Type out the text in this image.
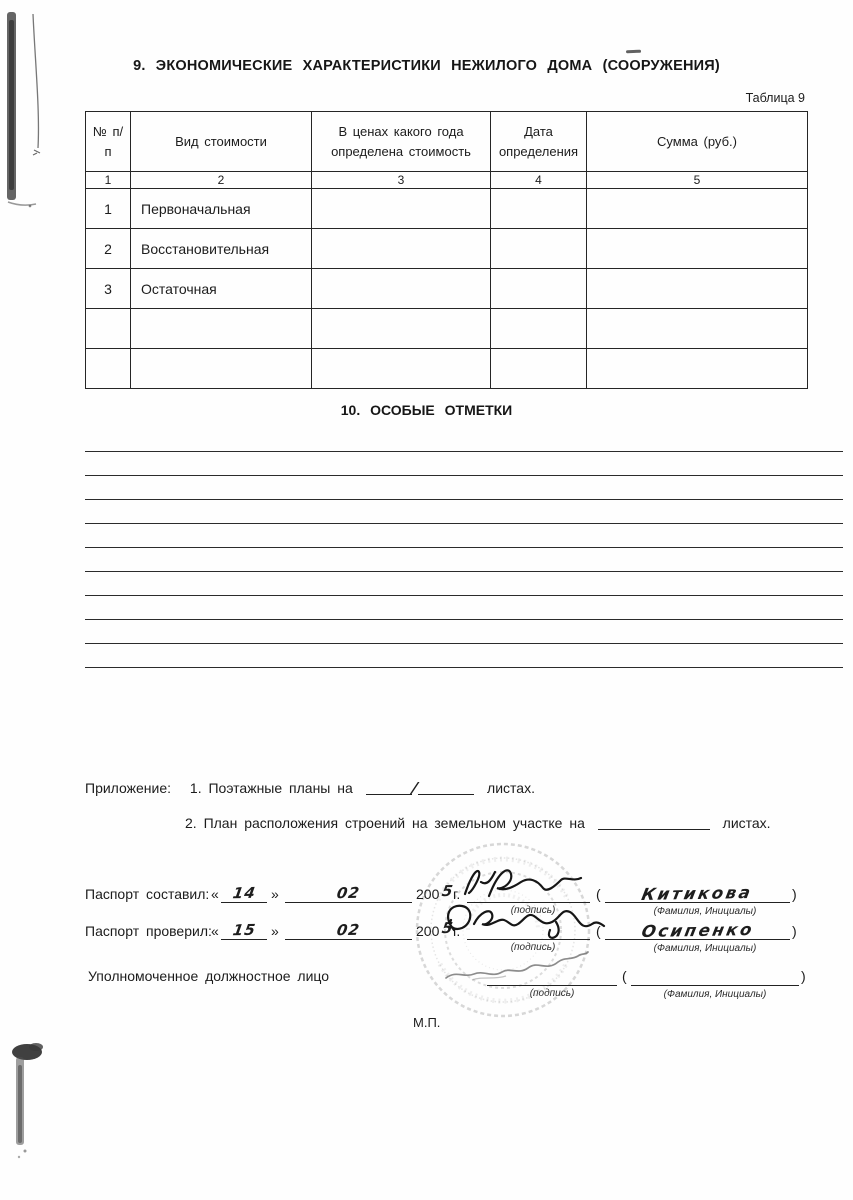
9. ЭКОНОМИЧЕСКИЕ ХАРАКТЕРИСТИКИ НЕЖИЛОГО ДОМА (СООРУЖЕНИЯ)
Таблица 9
№ п/п	Вид стоимости	В ценах какого года определена стоимость	Дата определения	Сумма (руб.)
1	2	3	4	5
1	Первоначальная			
2	Восстановительная			
3	Остаточная			

10. ОСОБЫЕ ОТМЕТКИ
Приложение: 1. Поэтажные планы на	/	листах.
2. План расположения строений на земельном участке на	листах.
Паспорт составил: « 14	»	02	200 5
г.	(	Китикова	)
(подпись)	(Фамилия, Инициалы)
Паспорт проверил: « 15	»	02	200 5
г.	(	Осипенко	)
(подпись)	(Фамилия, Инициалы)
Уполномоченное должностное лицо	(	)
(подпись)	(Фамилия, Инициалы)
М.П.
